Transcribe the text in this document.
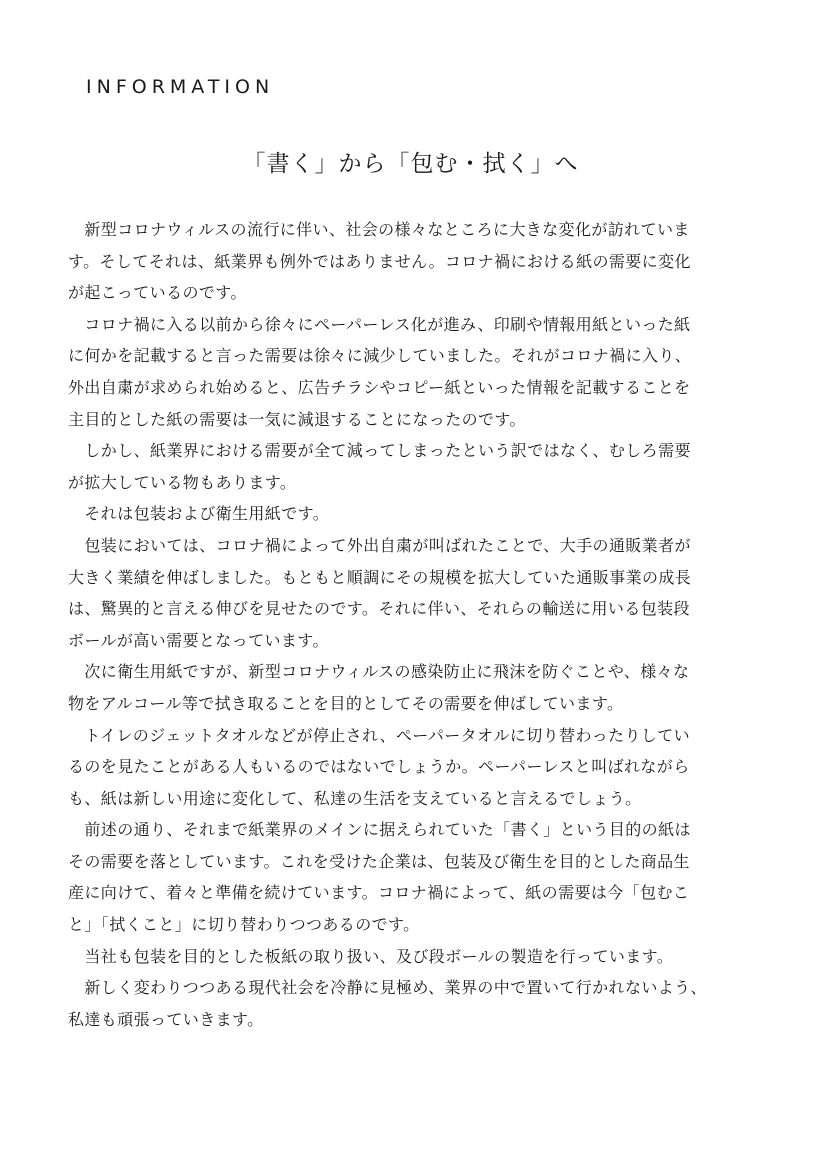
INFORMATION
「書く」から「包む・拭く」へ
　新型コロナウィルスの流行に伴い、社会の様々なところに大きな変化が訪れていま
す。そしてそれは、紙業界も例外ではありません。コロナ禍における紙の需要に変化
が起こっているのです。
　コロナ禍に入る以前から徐々にペーパーレス化が進み、印刷や情報用紙といった紙
に何かを記載すると言った需要は徐々に減少していました。それがコロナ禍に入り、
外出自粛が求められ始めると、広告チラシやコピー紙といった情報を記載することを
主目的とした紙の需要は一気に減退することになったのです。
　しかし、紙業界における需要が全て減ってしまったという訳ではなく、むしろ需要
が拡大している物もあります。
　それは包装および衛生用紙です。
　包装においては、コロナ禍によって外出自粛が叫ばれたことで、大手の通販業者が
大きく業績を伸ばしました。もともと順調にその規模を拡大していた通販事業の成長
は、驚異的と言える伸びを見せたのです。それに伴い、それらの輸送に用いる包装段
ボールが高い需要となっています。
　次に衛生用紙ですが、新型コロナウィルスの感染防止に飛沫を防ぐことや、様々な
物をアルコール等で拭き取ることを目的としてその需要を伸ばしています。
　トイレのジェットタオルなどが停止され、ペーパータオルに切り替わったりしてい
るのを見たことがある人もいるのではないでしょうか。ペーパーレスと叫ばれながら
も、紙は新しい用途に変化して、私達の生活を支えていると言えるでしょう。
　前述の通り、それまで紙業界のメインに据えられていた「書く」という目的の紙は
その需要を落としています。これを受けた企業は、包装及び衛生を目的とした商品生
産に向けて、着々と準備を続けています。コロナ禍によって、紙の需要は今「包むこ
と」「拭くこと」に切り替わりつつあるのです。
　当社も包装を目的とした板紙の取り扱い、及び段ボールの製造を行っています。
　新しく変わりつつある現代社会を冷静に見極め、業界の中で置いて行かれないよう、
私達も頑張っていきます。
